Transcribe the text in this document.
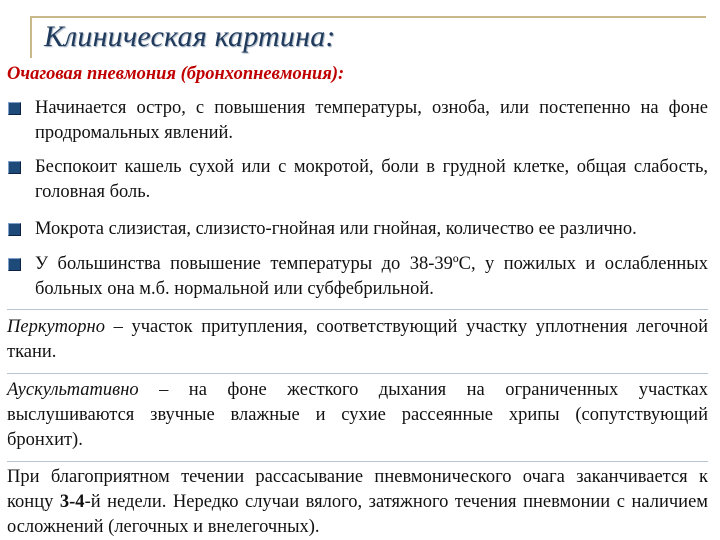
Клиническая картина:
Очаговая пневмония (бронхопневмония):
Начинается остро, с повышения температуры, озноба, или постепенно на фоне продромальных явлений.
Беспокоит кашель сухой или с мокротой, боли в грудной клетке, общая слабость, головная боль.
Мокрота слизистая, слизисто-гнойная или гнойная, количество ее различно.
У большинства повышение температуры до 38-39ºС, у пожилых и ослабленных больных она м.б. нормальной или субфебрильной.
Перкуторно – участок притупления, соответствующий участку уплотнения легочной ткани.
Аускультативно – на фоне жесткого дыхания на ограниченных участках выслушиваются звучные влажные и сухие рассеянные хрипы (сопутствующий бронхит).
При благоприятном течении рассасывание пневмонического очага заканчивается к концу 3-4-й недели. Нередко случаи вялого, затяжного течения пневмонии с наличием осложнений (легочных и внелегочных).
